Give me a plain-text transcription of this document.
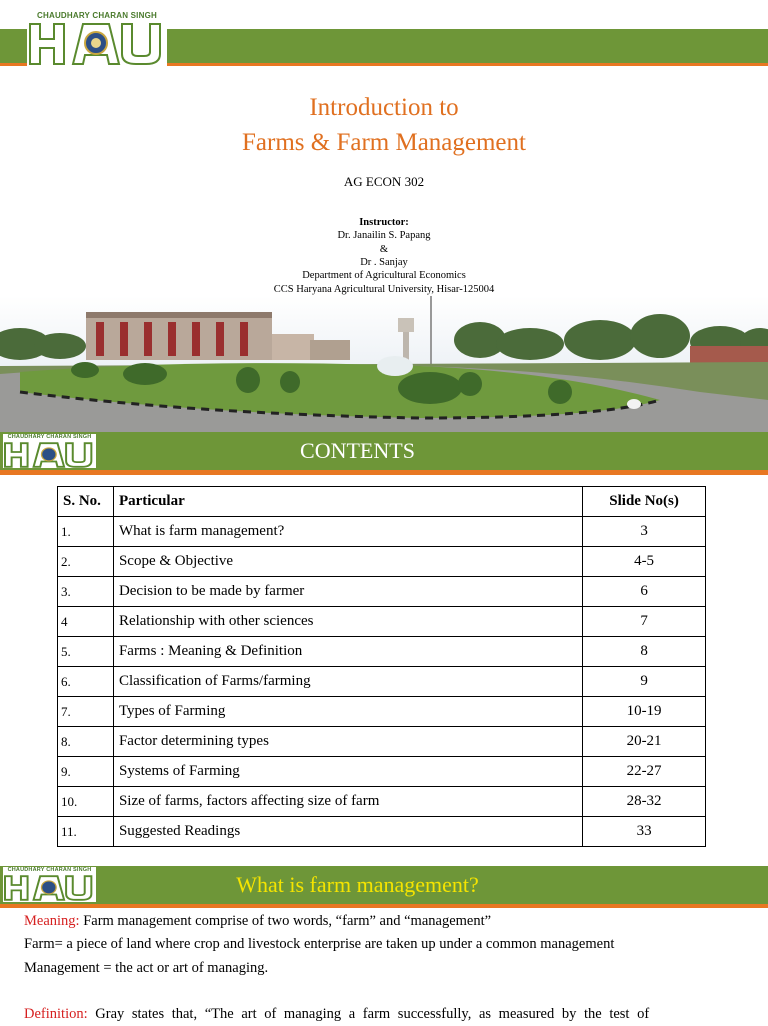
CHAUDHARY CHARAN SINGH
Introduction to
Farms & Farm Management
AG ECON 302
Instructor:
Dr. Janailin S. Papang
&
Dr . Sanjay
Department of Agricultural Economics
CCS Haryana Agricultural University, Hisar-125004
CHAUDHARY CHARAN SINGH
CONTENTS
S. No.	Particular	Slide No(s)
1.	What is farm management?	3
2.	Scope & Objective	4-5
3.	Decision to be made by farmer	6
4	Relationship with other sciences	7
5.	Farms : Meaning & Definition	8
6.	Classification of Farms/farming	9
7.	Types of Farming	10-19
8.	Factor determining types	20-21
9.	Systems of Farming	22-27
10.	Size of farms, factors affecting size of farm	28-32
11.	Suggested Readings	33
CHAUDHARY CHARAN SINGH
What is farm management?
Meaning: Farm management comprise of two words, “farm” and “management”
Farm= a piece of land where crop and livestock enterprise are taken up under a common management
Management = the act or art of managing.
Definition: Gray states that, “The art of managing a farm successfully, as measured by the test of
